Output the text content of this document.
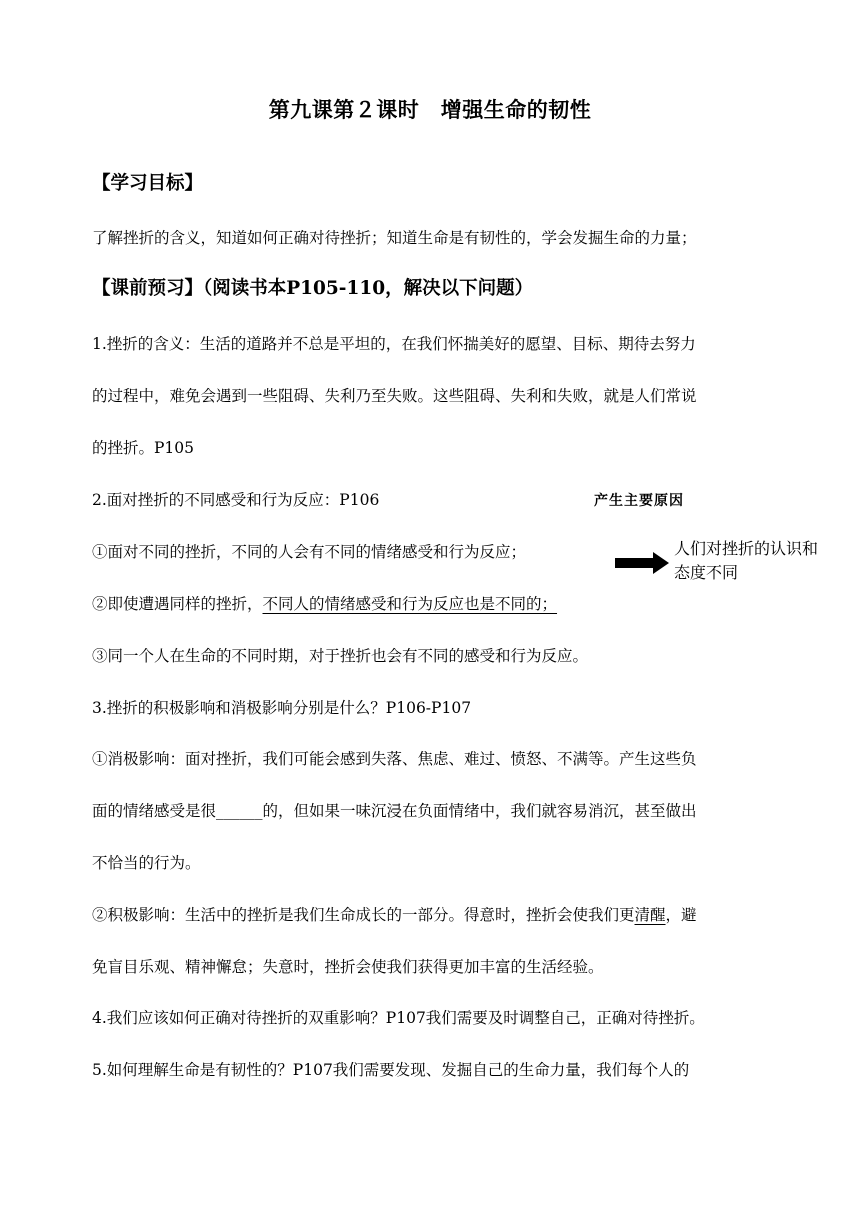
第九课第２课时　增强生命的韧性
【学习目标】
了解挫折的含义，知道如何正确对待挫折；知道生命是有韧性的，学会发掘生命的力量；
【课前预习】（阅读书本P105-110，解决以下问题）
1.挫折的含义：生活的道路并不总是平坦的，在我们怀揣美好的愿望、目标、期待去努力
的过程中，难免会遇到一些阻碍、失利乃至失败。这些阻碍、失利和失败，就是人们常说
的挫折。P105
2.面对挫折的不同感受和行为反应：P106	产生主要原因
①面对不同的挫折，不同的人会有不同的情绪感受和行为反应；	人们对挫折的认识和态度不同
②即使遭遇同样的挫折，不同人的情绪感受和行为反应也是不同的；
③同一个人在生命的不同时期，对于挫折也会有不同的感受和行为反应。
3.挫折的积极影响和消极影响分别是什么？P106-P107
①消极影响：面对挫折，我们可能会感到失落、焦虑、难过、愤怒、不满等。产生这些负
面的情绪感受是很______的，但如果一味沉浸在负面情绪中，我们就容易消沉，甚至做出
不恰当的行为。
②积极影响：生活中的挫折是我们生命成长的一部分。得意时，挫折会使我们更清醒，避
免盲目乐观、精神懈怠；失意时，挫折会使我们获得更加丰富的生活经验。
4.我们应该如何正确对待挫折的双重影响？P107我们需要及时调整自己，正确对待挫折。
5.如何理解生命是有韧性的？P107我们需要发现、发掘自己的生命力量，我们每个人的
